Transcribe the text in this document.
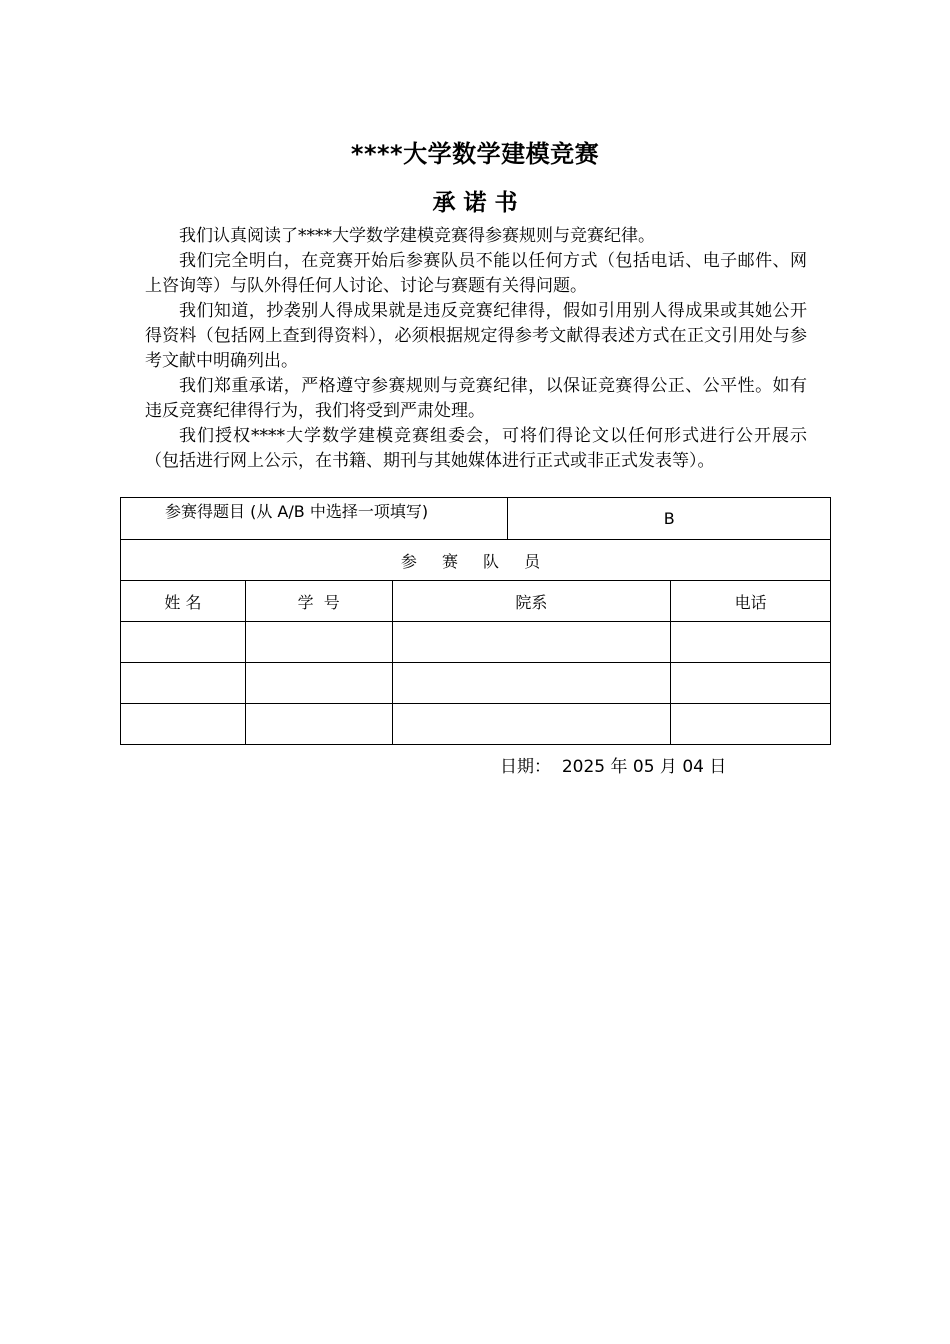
****大学数学建模竞赛
承 诺 书

我们认真阅读了****大学数学建模竞赛得参赛规则与竞赛纪律。

我们完全明白，在竞赛开始后参赛队员不能以任何方式（包括电话、电子邮件、网上咨询等）与队外得任何人讨论、讨论与赛题有关得问题。

我们知道，抄袭别人得成果就是违反竞赛纪律得，假如引用别人得成果或其她公开得资料（包括网上查到得资料），必须根据规定得参考文献得表述方式在正文引用处与参考文献中明确列出。

我们郑重承诺，严格遵守参赛规则与竞赛纪律，以保证竞赛得公正、公平性。如有违反竞赛纪律得行为，我们将受到严肃处理。

我们授权****大学数学建模竞赛组委会，可将们得论文以任何形式进行公开展示（包括进行网上公示，在书籍、期刊与其她媒体进行正式或非正式发表等）。

参赛得题目 (从 A/B 中选择一项填写)			B	
参 赛 队 员				
姓 名	学  号	院系		电话

日期： 2025 年 05 月 04 日
